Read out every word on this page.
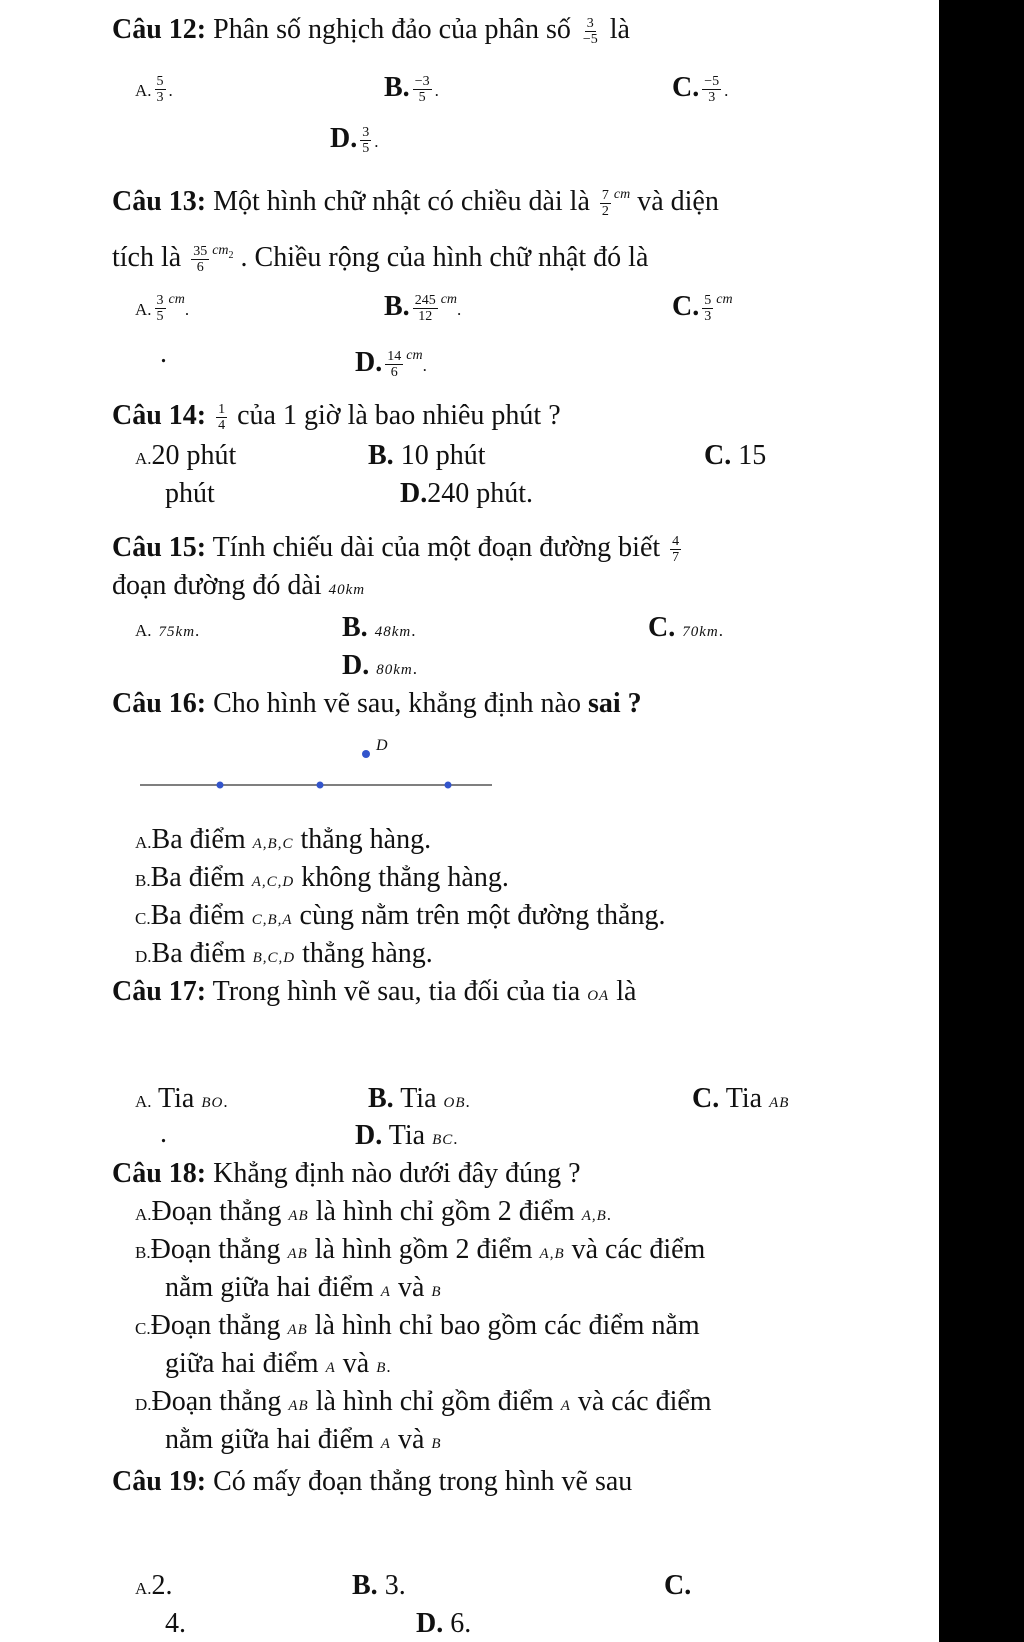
Câu 12: Phân số nghịch đảo của phân số $\frac{3}{-5}$ là
A. $\frac{5}{3}$ .	B. $\frac{-3}{5}$ .	C. $\frac{-5}{3}$ .
D. $\frac{3}{5}$ .
Câu 13: Một hình chữ nhật có chiều dài là $\frac{7}{2} ^{cm}$ và diện
tích là $\frac{35}{6} ^{cm2}$ . Chiều rộng của hình chữ nhật đó là
A. $\frac{3}{5} ^{cm}$.	B. $\frac{245}{12} ^{cm}$.	C. $\frac{5}{3} ^{cm}$
.	D. $\frac{14}{6} ^{cm}$.
Câu 14: $\frac{1}{4}$ của 1 giờ là bao nhiêu phút ?
A.20 phút	B. 10 phút	C. 15
phút	D.240 phút.
Câu 15: Tính chiếu dài của một đoạn đường biết $\frac{4}{7}$
đoạn đường đó dài 40km
A. 75km.	B. 48km.	C. 70km.
D. 80km.
Câu 16: Cho hình vẽ sau, khẳng định nào sai ?
D
A.Ba điểm A,B,C thẳng hàng.
B.Ba điểm A,C,D không thẳng hàng.
C.Ba điểm C,B,A cùng nằm trên một đường thẳng.
D.Ba điểm B,C,D thẳng hàng.
Câu 17: Trong hình vẽ sau, tia đối của tia OA là
A. Tia BO.	B. Tia OB.	C. Tia AB
.	D. Tia BC.
Câu 18: Khẳng định nào dưới đây đúng ?
A.Đoạn thẳng AB là hình chỉ gồm 2 điểm A,B.
B.Đoạn thẳng AB là hình gồm 2 điểm A,B và các điểm
nằm giữa hai điểm A và B
C.Đoạn thẳng AB là hình chỉ bao gồm các điểm nằm
giữa hai điểm A và B.
D.Đoạn thẳng AB là hình chỉ gồm điểm A và các điểm
nằm giữa hai điểm A và B
Câu 19: Có mấy đoạn thẳng trong hình vẽ sau
A.2.	B. 3.	C.
4.	D. 6.
